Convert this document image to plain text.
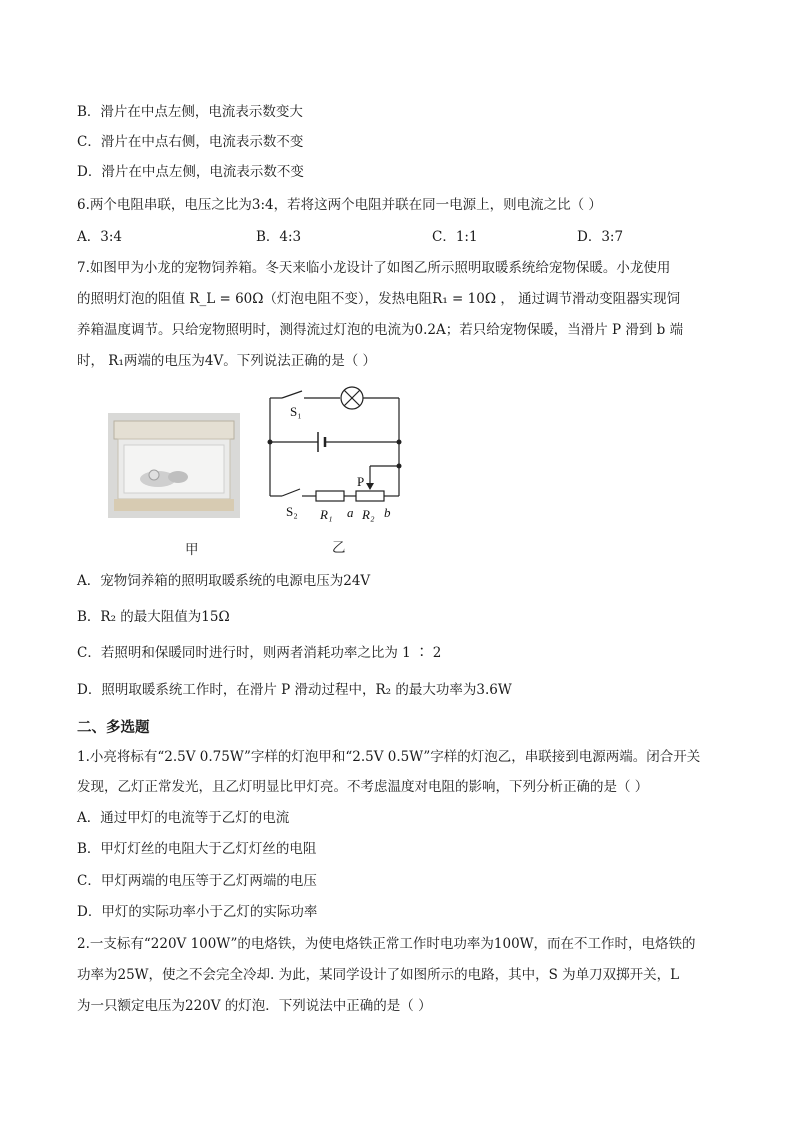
B．滑片在中点左侧，电流表示数变大
C．滑片在中点右侧，电流表示数不变
D．滑片在中点左侧，电流表示数不变
6.两个电阻串联，电压之比为3:4，若将这两个电阻并联在同一电源上，则电流之比（ ）
A．3:4	B．4:3	C．1:1	D．3:7
7.如图甲为小龙的宠物饲养箱。冬天来临小龙设计了如图乙所示照明取暖系统给宠物保暖。小龙使用
的照明灯泡的阻值 R_L = 60Ω（灯泡电阻不变），发热电阻R₁ = 10Ω ， 通过调节滑动变阻器实现饲
养箱温度调节。只给宠物照明时，测得流过灯泡的电流为0.2A；若只给宠物保暖，当滑片 P 滑到 b 端
时， R₁两端的电压为4V。下列说法正确的是（ ）
甲
S₁
S₂
P
R₁ a R₂ b
乙
A．宠物饲养箱的照明取暖系统的电源电压为24V
B．R₂ 的最大阻值为15Ω
C．若照明和保暖同时进行时，则两者消耗功率之比为 1 ∶ 2
D．照明取暖系统工作时，在滑片 P 滑动过程中，R₂ 的最大功率为3.6W
二、多选题
1.小亮将标有“2.5V 0.75W”字样的灯泡甲和“2.5V 0.5W”字样的灯泡乙，串联接到电源两端。闭合开关
发现，乙灯正常发光，且乙灯明显比甲灯亮。不考虑温度对电阻的影响，下列分析正确的是（ ）
A．通过甲灯的电流等于乙灯的电流
B．甲灯灯丝的电阻大于乙灯灯丝的电阻
C．甲灯两端的电压等于乙灯两端的电压
D．甲灯的实际功率小于乙灯的实际功率
2.一支标有“220V 100W”的电烙铁，为使电烙铁正常工作时电功率为100W，而在不工作时，电烙铁的
功率为25W，使之不会完全冷却. 为此，某同学设计了如图所示的电路，其中，S 为单刀双掷开关，L
为一只额定电压为220V 的灯泡．下列说法中正确的是（ ）
